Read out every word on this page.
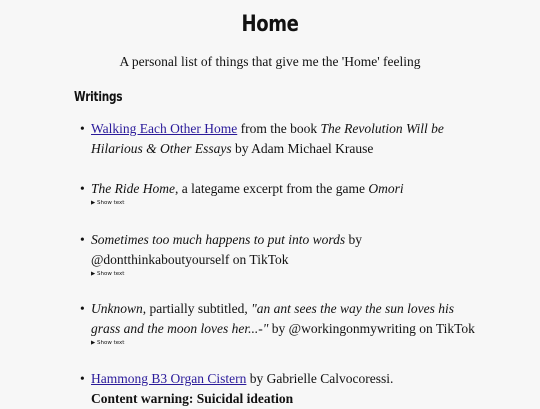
Home
A personal list of things that give me the 'Home' feeling
Writings
• Walking Each Other Home from the book The Revolution Will be Hilarious & Other Essays by Adam Michael Krause
• The Ride Home, a lategame excerpt from the game Omori
▶ Show text
• Sometimes too much happens to put into words by @dontthinkaboutyourself on TikTok
▶ Show text
• Unknown, partially subtitled, "an ant sees the way the sun loves his grass and the moon loves her...-" by @workingonmywriting on TikTok
▶ Show text
• Hammong B3 Organ Cistern by Gabrielle Calvocoressi.
Content warning: Suicidal ideation
